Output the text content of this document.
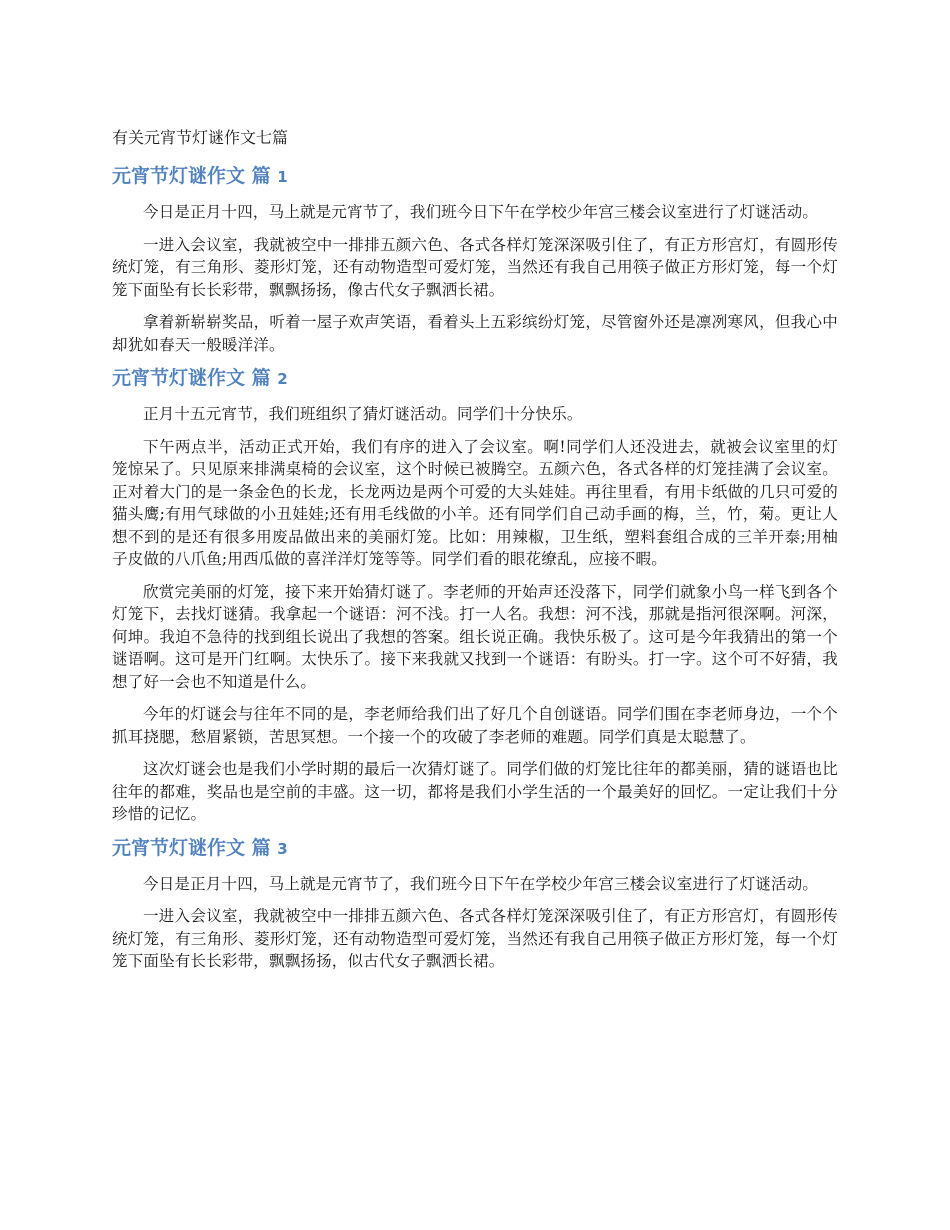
有关元宵节灯谜作文七篇
元宵节灯谜作文 篇 1

今日是正月十四，马上就是元宵节了，我们班今日下午在学校少年宫三楼会议室进行了灯谜活动。

一进入会议室，我就被空中一排排五颜六色、各式各样灯笼深深吸引住了，有正方形宫灯，有圆形传统灯笼，有三角形、菱形灯笼，还有动物造型可爱灯笼，当然还有我自己用筷子做正方形灯笼，每一个灯笼下面坠有长长彩带，飘飘扬扬，像古代女子飘洒长裙。

拿着新崭崭奖品，听着一屋子欢声笑语，看着头上五彩缤纷灯笼，尽管窗外还是凛冽寒风，但我心中却犹如春天一般暖洋洋。

元宵节灯谜作文 篇 2

正月十五元宵节，我们班组织了猜灯谜活动。同学们十分快乐。

下午两点半，活动正式开始，我们有序的进入了会议室。啊!同学们人还没进去，就被会议室里的灯笼惊呆了。只见原来排满桌椅的会议室，这个时候已被腾空。五颜六色，各式各样的灯笼挂满了会议室。正对着大门的是一条金色的长龙，长龙两边是两个可爱的大头娃娃。再往里看，有用卡纸做的几只可爱的猫头鹰;有用气球做的小丑娃娃;还有用毛线做的小羊。还有同学们自己动手画的梅，兰，竹，菊。更让人想不到的是还有很多用废品做出来的美丽灯笼。比如：用辣椒，卫生纸，塑料套组合成的三羊开泰;用柚子皮做的八爪鱼;用西瓜做的喜洋洋灯笼等等。同学们看的眼花缭乱，应接不暇。

欣赏完美丽的灯笼，接下来开始猜灯谜了。李老师的开始声还没落下，同学们就象小鸟一样飞到各个灯笼下，去找灯谜猜。我拿起一个谜语：河不浅。打一人名。我想：河不浅，那就是指河很深啊。河深，何坤。我迫不急待的找到组长说出了我想的答案。组长说正确。我快乐极了。这可是今年我猜出的第一个谜语啊。这可是开门红啊。太快乐了。接下来我就又找到一个谜语：有盼头。打一字。这个可不好猜，我想了好一会也不知道是什么。

今年的灯谜会与往年不同的是，李老师给我们出了好几个自创谜语。同学们围在李老师身边，一个个抓耳挠腮，愁眉紧锁，苦思冥想。一个接一个的攻破了李老师的难题。同学们真是太聪慧了。

这次灯谜会也是我们小学时期的最后一次猜灯谜了。同学们做的灯笼比往年的都美丽，猜的谜语也比往年的都难，奖品也是空前的丰盛。这一切，都将是我们小学生活的一个最美好的回忆。一定让我们十分珍惜的记忆。

元宵节灯谜作文 篇 3

今日是正月十四，马上就是元宵节了，我们班今日下午在学校少年宫三楼会议室进行了灯谜活动。

一进入会议室，我就被空中一排排五颜六色、各式各样灯笼深深吸引住了，有正方形宫灯，有圆形传统灯笼，有三角形、菱形灯笼，还有动物造型可爱灯笼，当然还有我自己用筷子做正方形灯笼，每一个灯笼下面坠有长长彩带，飘飘扬扬，似古代女子飘洒长裙。
